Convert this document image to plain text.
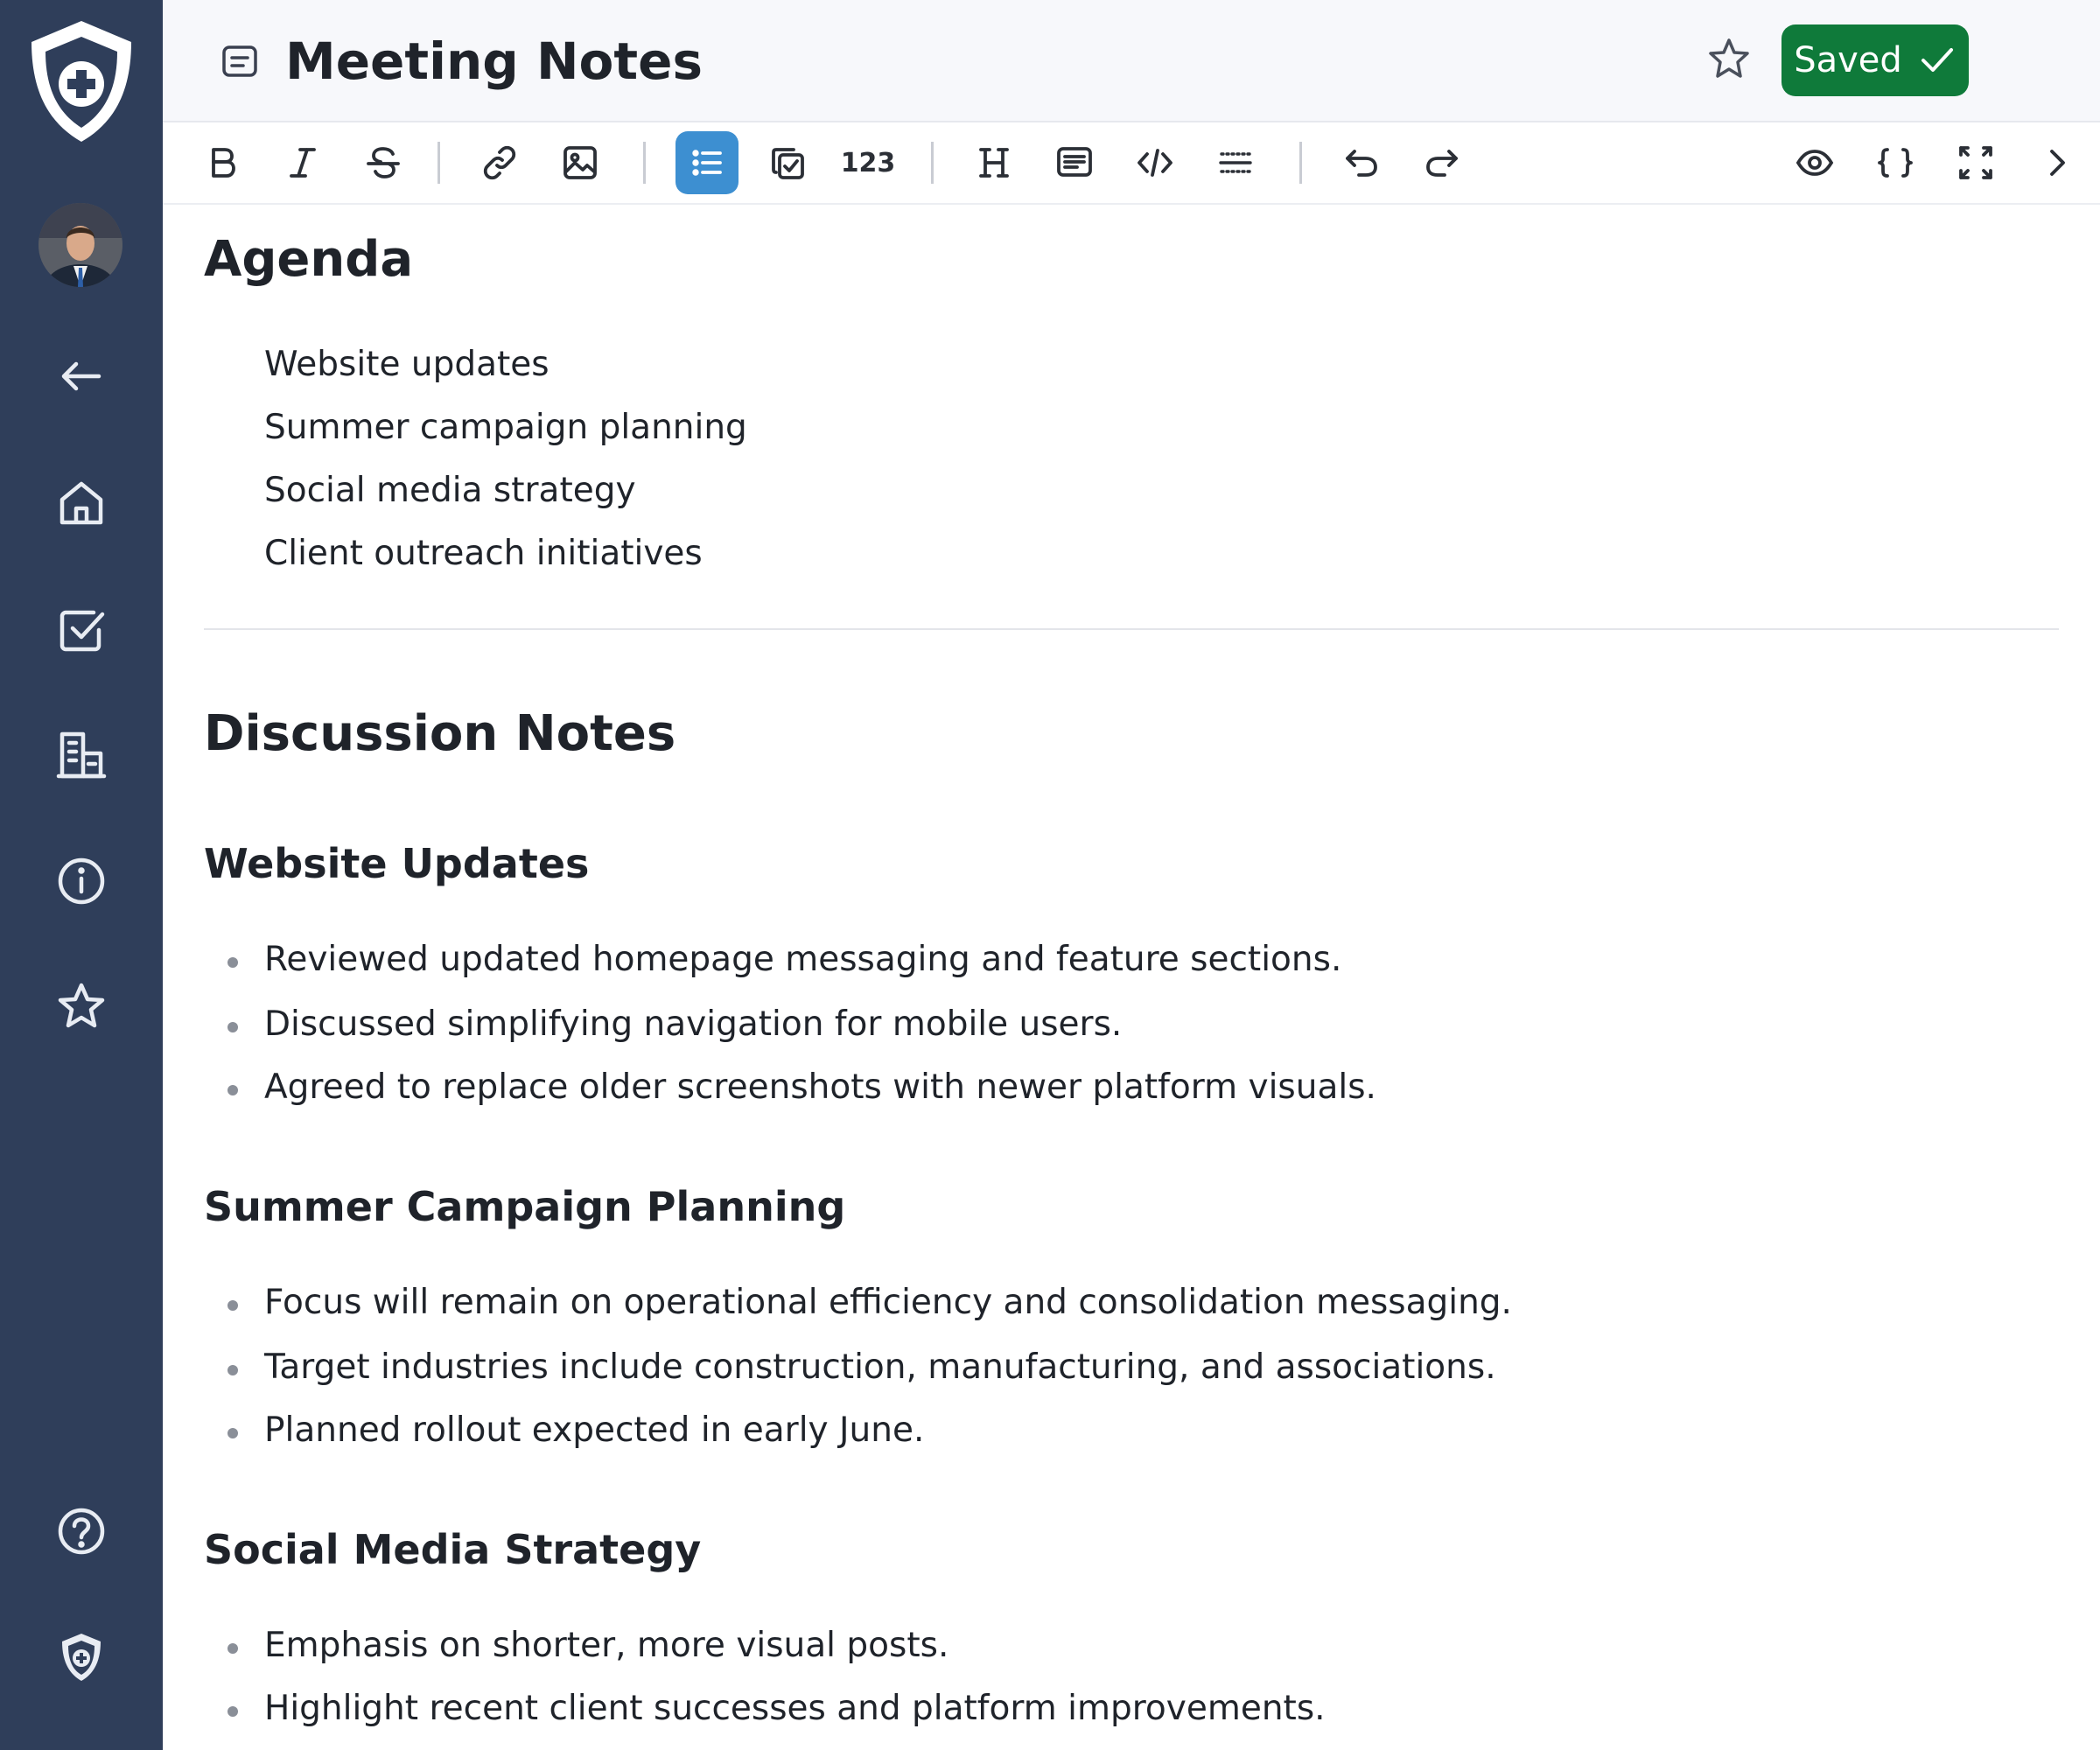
Meeting Notes	Saved
123
Agenda
Website updates
Summer campaign planning
Social media strategy
Client outreach initiatives
Discussion Notes
Website Updates
Reviewed updated homepage messaging and feature sections.
Discussed simplifying navigation for mobile users.
Agreed to replace older screenshots with newer platform visuals.
Summer Campaign Planning
Focus will remain on operational efficiency and consolidation messaging.
Target industries include construction, manufacturing, and associations.
Planned rollout expected in early June.
Social Media Strategy
Emphasis on shorter, more visual posts.
Highlight recent client successes and platform improvements.
